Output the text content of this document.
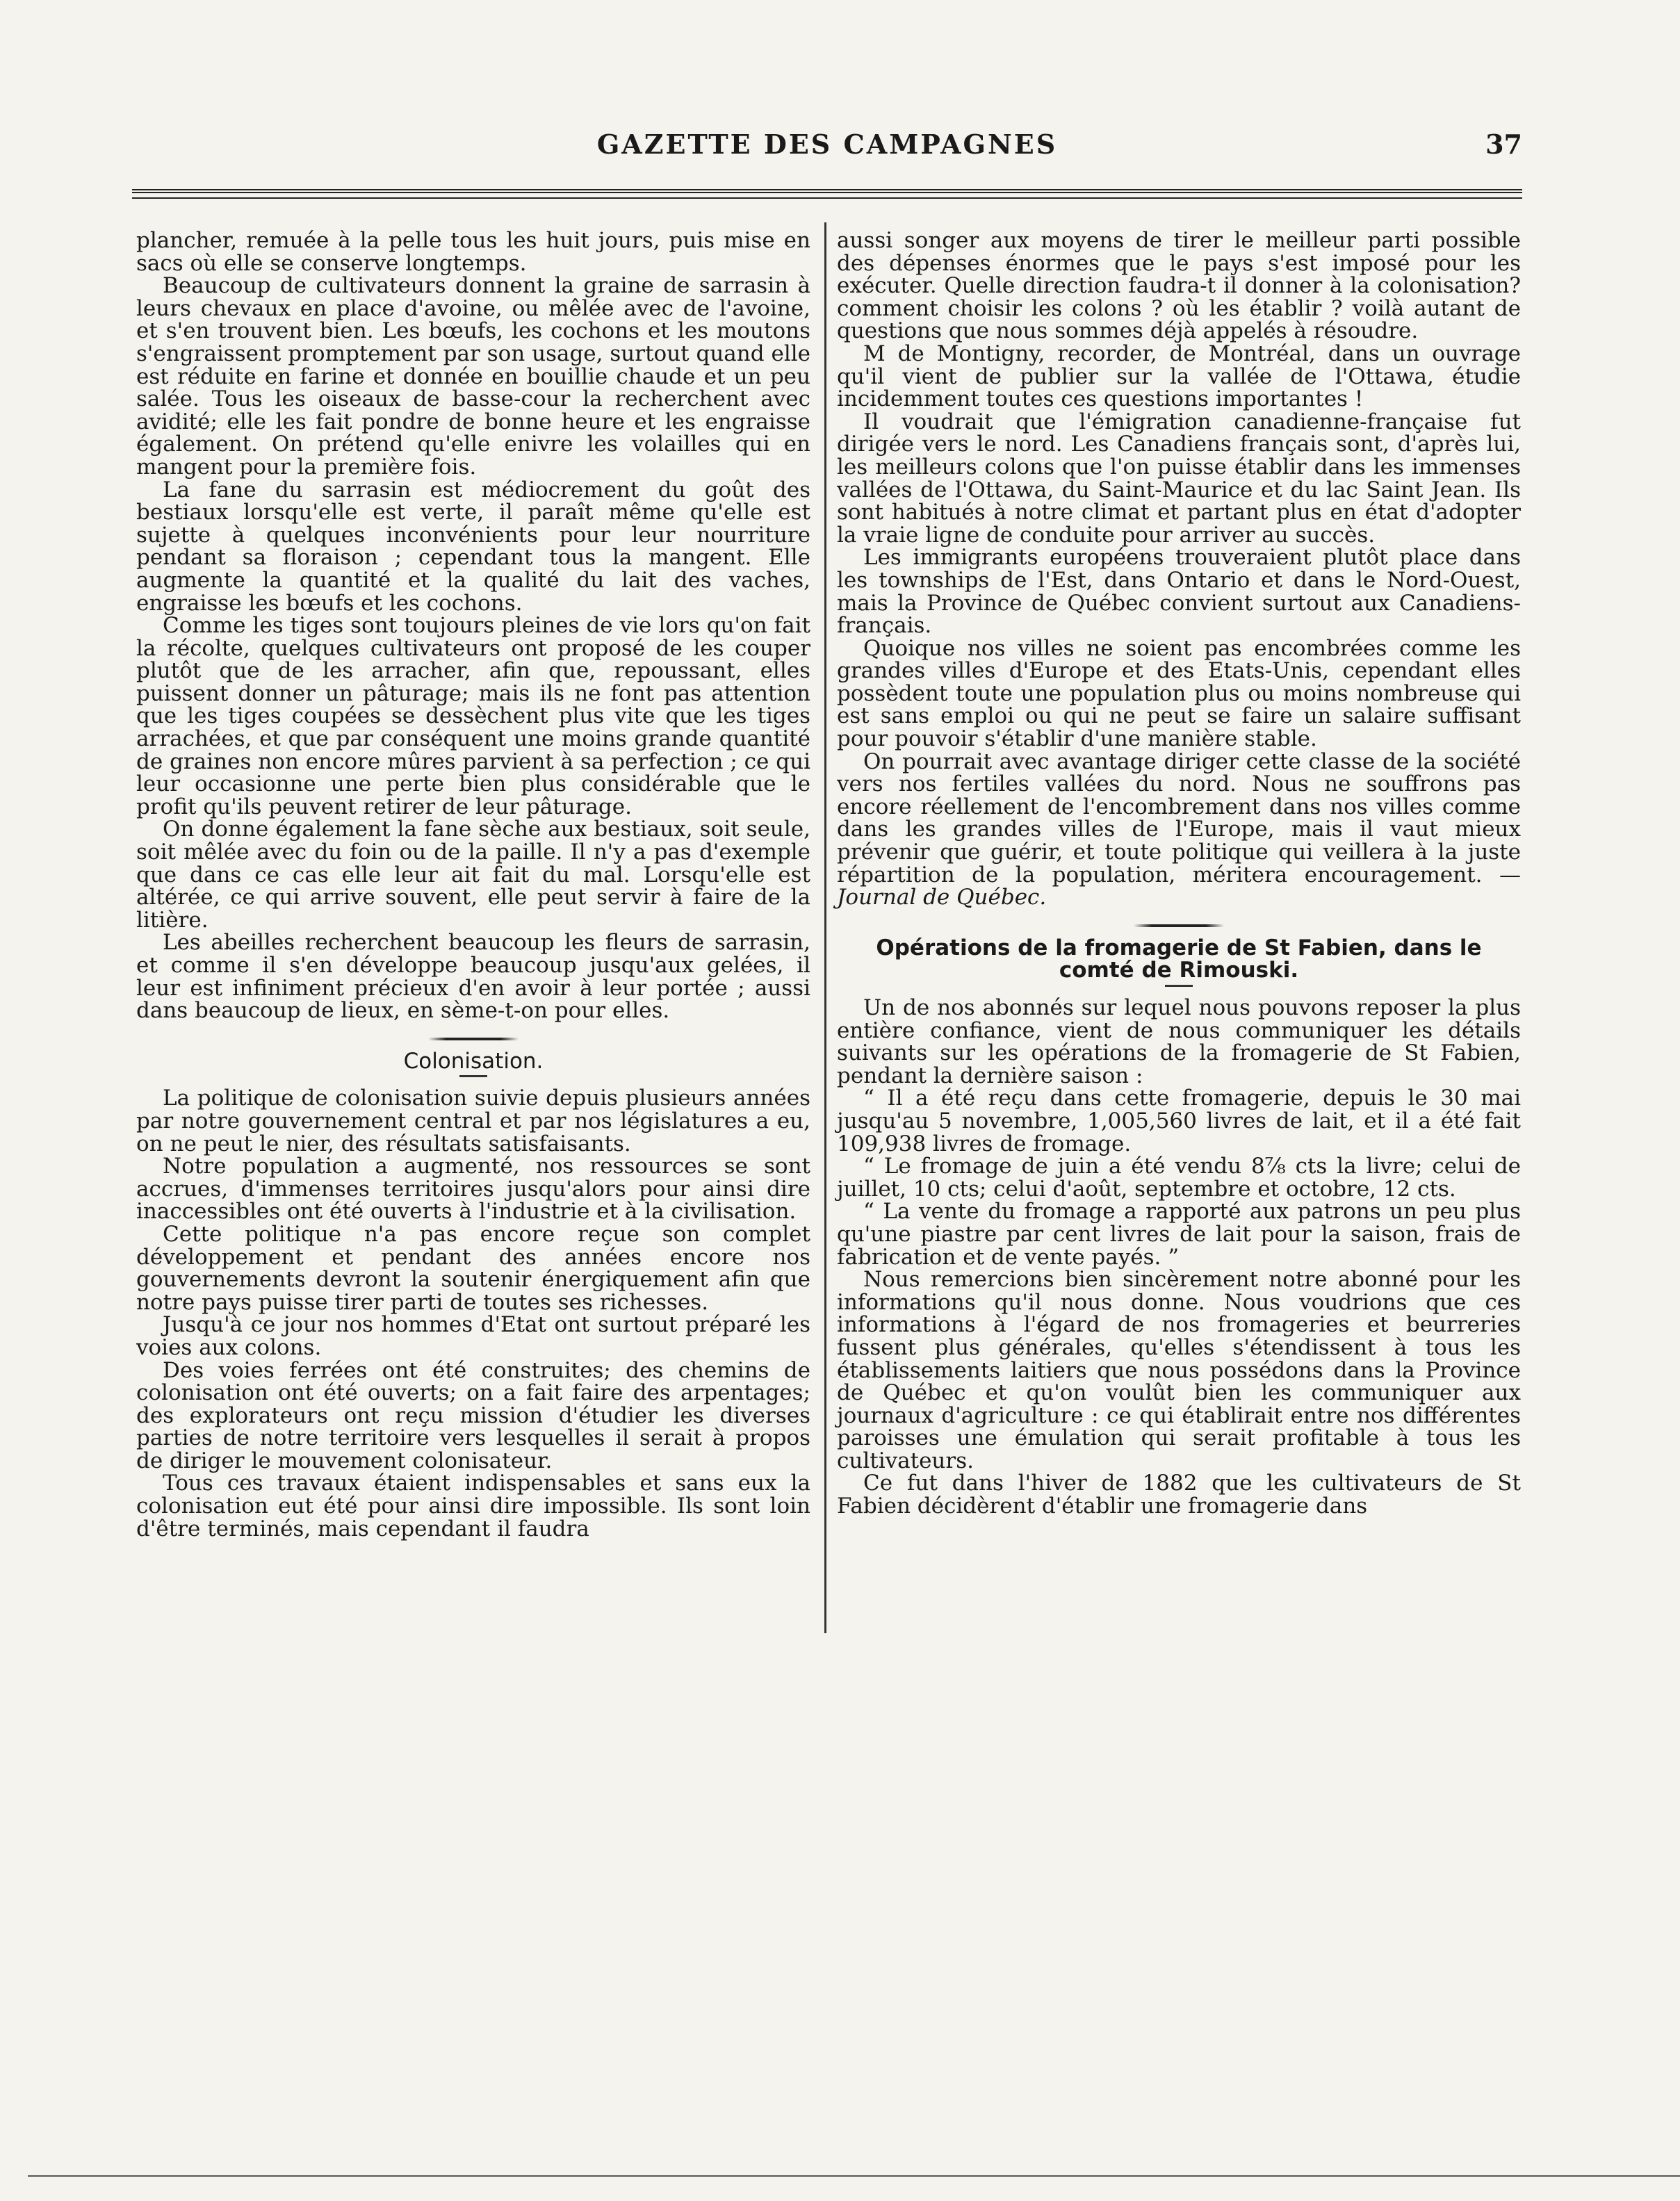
GAZETTE DES CAMPAGNES	37

plancher, remuée à la pelle tous les huit jours, puis mise en sacs où elle se conserve longtemps.

Beaucoup de cultivateurs donnent la graine de sarrasin à leurs chevaux en place d'avoine, ou mêlée avec de l'avoine, et s'en trouvent bien. Les bœufs, les cochons et les moutons s'engraissent promptement par son usage, surtout quand elle est réduite en farine et donnée en bouillie chaude et un peu salée. Tous les oiseaux de basse-cour la recherchent avec avidité; elle les fait pondre de bonne heure et les engraisse également. On prétend qu'elle enivre les volailles qui en mangent pour la première fois.

La fane du sarrasin est médiocrement du goût des bestiaux lorsqu'elle est verte, il paraît même qu'elle est sujette à quelques inconvénients pour leur nourriture pendant sa floraison ; cependant tous la mangent. Elle augmente la quantité et la qualité du lait des vaches, engraisse les bœufs et les cochons.

Comme les tiges sont toujours pleines de vie lors qu'on fait la récolte, quelques cultivateurs ont proposé de les couper plutôt que de les arracher, afin que, repoussant, elles puissent donner un pâturage; mais ils ne font pas attention que les tiges coupées se dessèchent plus vite que les tiges arrachées, et que par conséquent une moins grande quantité de graines non encore mûres parvient à sa perfection ; ce qui leur occasionne une perte bien plus considérable que le profit qu'ils peuvent retirer de leur pâturage.

On donne également la fane sèche aux bestiaux, soit seule, soit mêlée avec du foin ou de la paille. Il n'y a pas d'exemple que dans ce cas elle leur ait fait du mal. Lorsqu'elle est altérée, ce qui arrive souvent, elle peut servir à faire de la litière.

Les abeilles recherchent beaucoup les fleurs de sarrasin, et comme il s'en développe beaucoup jusqu'aux gelées, il leur est infiniment précieux d'en avoir à leur portée ; aussi dans beaucoup de lieux, en sème-t-on pour elles.

Colonisation.

La politique de colonisation suivie depuis plusieurs années par notre gouvernement central et par nos législatures a eu, on ne peut le nier, des résultats satisfaisants.

Notre population a augmenté, nos ressources se sont accrues, d'immenses territoires jusqu'alors pour ainsi dire inaccessibles ont été ouverts à l'industrie et à la civilisation.

Cette politique n'a pas encore reçue son complet développement et pendant des années encore nos gouvernements devront la soutenir énergiquement afin que notre pays puisse tirer parti de toutes ses richesses.

Jusqu'à ce jour nos hommes d'Etat ont surtout préparé les voies aux colons.

Des voies ferrées ont été construites; des chemins de colonisation ont été ouverts; on a fait faire des arpentages; des explorateurs ont reçu mission d'étudier les diverses parties de notre territoire vers lesquelles il serait à propos de diriger le mouvement colonisateur.

Tous ces travaux étaient indispensables et sans eux la colonisation eut été pour ainsi dire impossible. Ils sont loin d'être terminés, mais cependant il faudra

aussi songer aux moyens de tirer le meilleur parti possible des dépenses énormes que le pays s'est imposé pour les exécuter. Quelle direction faudra-t il donner à la colonisation? comment choisir les colons ? où les établir ? voilà autant de questions que nous sommes déjà appelés à résoudre.

M de Montigny, recorder, de Montréal, dans un ouvrage qu'il vient de publier sur la vallée de l'Ottawa, étudie incidemment toutes ces questions importantes !

Il voudrait que l'émigration canadienne-française fut dirigée vers le nord. Les Canadiens français sont, d'après lui, les meilleurs colons que l'on puisse établir dans les immenses vallées de l'Ottawa, du Saint-Maurice et du lac Saint Jean. Ils sont habitués à notre climat et partant plus en état d'adopter la vraie ligne de conduite pour arriver au succès.

Les immigrants européens trouveraient plutôt place dans les townships de l'Est, dans Ontario et dans le Nord-Ouest, mais la Province de Québec convient surtout aux Canadiens-français.

Quoique nos villes ne soient pas encombrées comme les grandes villes d'Europe et des Etats-Unis, cependant elles possèdent toute une population plus ou moins nombreuse qui est sans emploi ou qui ne peut se faire un salaire suffisant pour pouvoir s'établir d'une manière stable.

On pourrait avec avantage diriger cette classe de la société vers nos fertiles vallées du nord. Nous ne souffrons pas encore réellement de l'encombrement dans nos villes comme dans les grandes villes de l'Europe, mais il vaut mieux prévenir que guérir, et toute politique qui veillera à la juste répartition de la population, méritera encouragement. —Journal de Québec.

Opérations de la fromagerie de St Fabien, dans le comté de Rimouski.

Un de nos abonnés sur lequel nous pouvons reposer la plus entière confiance, vient de nous communiquer les détails suivants sur les opérations de la fromagerie de St Fabien, pendant la dernière saison :

“ Il a été reçu dans cette fromagerie, depuis le 30 mai jusqu'au 5 novembre, 1,005,560 livres de lait, et il a été fait 109,938 livres de fromage.

“ Le fromage de juin a été vendu 8⅞ cts la livre; celui de juillet, 10 cts; celui d'août, septembre et octobre, 12 cts.

“ La vente du fromage a rapporté aux patrons un peu plus qu'une piastre par cent livres de lait pour la saison, frais de fabrication et de vente payés. ”

Nous remercions bien sincèrement notre abonné pour les informations qu'il nous donne. Nous voudrions que ces informations à l'égard de nos fromageries et beurreries fussent plus générales, qu'elles s'étendissent à tous les établissements laitiers que nous possédons dans la Province de Québec et qu'on voulût bien les communiquer aux journaux d'agriculture : ce qui établirait entre nos différentes paroisses une émulation qui serait profitable à tous les cultivateurs.

Ce fut dans l'hiver de 1882 que les cultivateurs de St Fabien décidèrent d'établir une fromagerie dans
